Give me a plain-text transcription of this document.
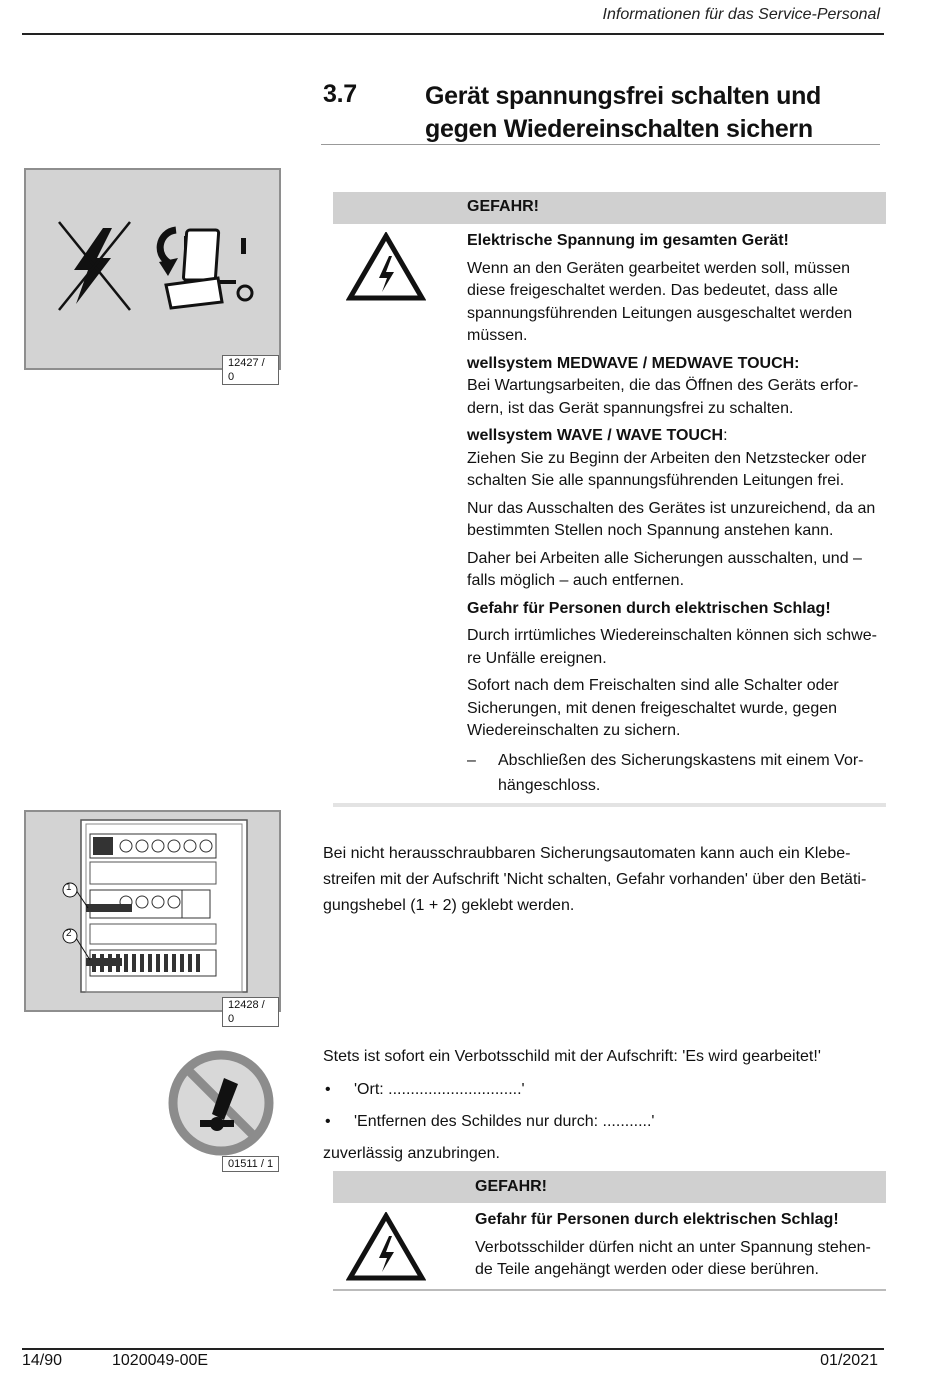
Informationen für das Service-Personal
3.7	Gerät spannungsfrei schalten und
gegen Wiedereinschalten sichern
12427 / 0
GEFAHR!

Elektrische Spannung im gesamten Gerät!

Wenn an den Geräten gearbeitet werden soll, müssen diese freigeschaltet werden. Das bedeutet, dass alle spannungsführenden Leitungen ausgeschaltet werden müssen.

wellsystem MEDWAVE / MEDWAVE TOUCH:

Bei Wartungsarbeiten, die das Öffnen des Geräts erfor-dern, ist das Gerät spannungsfrei zu schalten.

wellsystem WAVE / WAVE TOUCH:

Ziehen Sie zu Beginn der Arbeiten den Netzstecker oder schalten Sie alle spannungsführenden Leitungen frei.

Nur das Ausschalten des Gerätes ist unzureichend, da an bestimmten Stellen noch Spannung anstehen kann.

Daher bei Arbeiten alle Sicherungen ausschalten, und – falls möglich – auch entfernen.

Gefahr für Personen durch elektrischen Schlag!

Durch irrtümliches Wiedereinschalten können sich schwe-re Unfälle ereignen.

Sofort nach dem Freischalten sind alle Schalter oder Sicherungen, mit denen freigeschaltet wurde, gegen Wiedereinschalten zu sichern.

– Abschließen des Sicherungskastens mit einem Vor-hängeschloss.
1
2
12428 / 0
Bei nicht herausschraubbaren Sicherungsautomaten kann auch ein Klebe-streifen mit der Aufschrift 'Nicht schalten, Gefahr vorhanden' über den Betäti-gungshebel (1 + 2) geklebt werden.
01511 / 1

Stets ist sofort ein Verbotsschild mit der Aufschrift: 'Es wird gearbeitet!'

• 'Ort: ..............................'
• 'Entfernen des Schildes nur durch: ...........'

zuverlässig anzubringen.

GEFAHR!

Gefahr für Personen durch elektrischen Schlag!

Verbotsschilder dürfen nicht an unter Spannung stehen-de Teile angehängt werden oder diese berühren.

14/90	1020049-00E	01/2021
